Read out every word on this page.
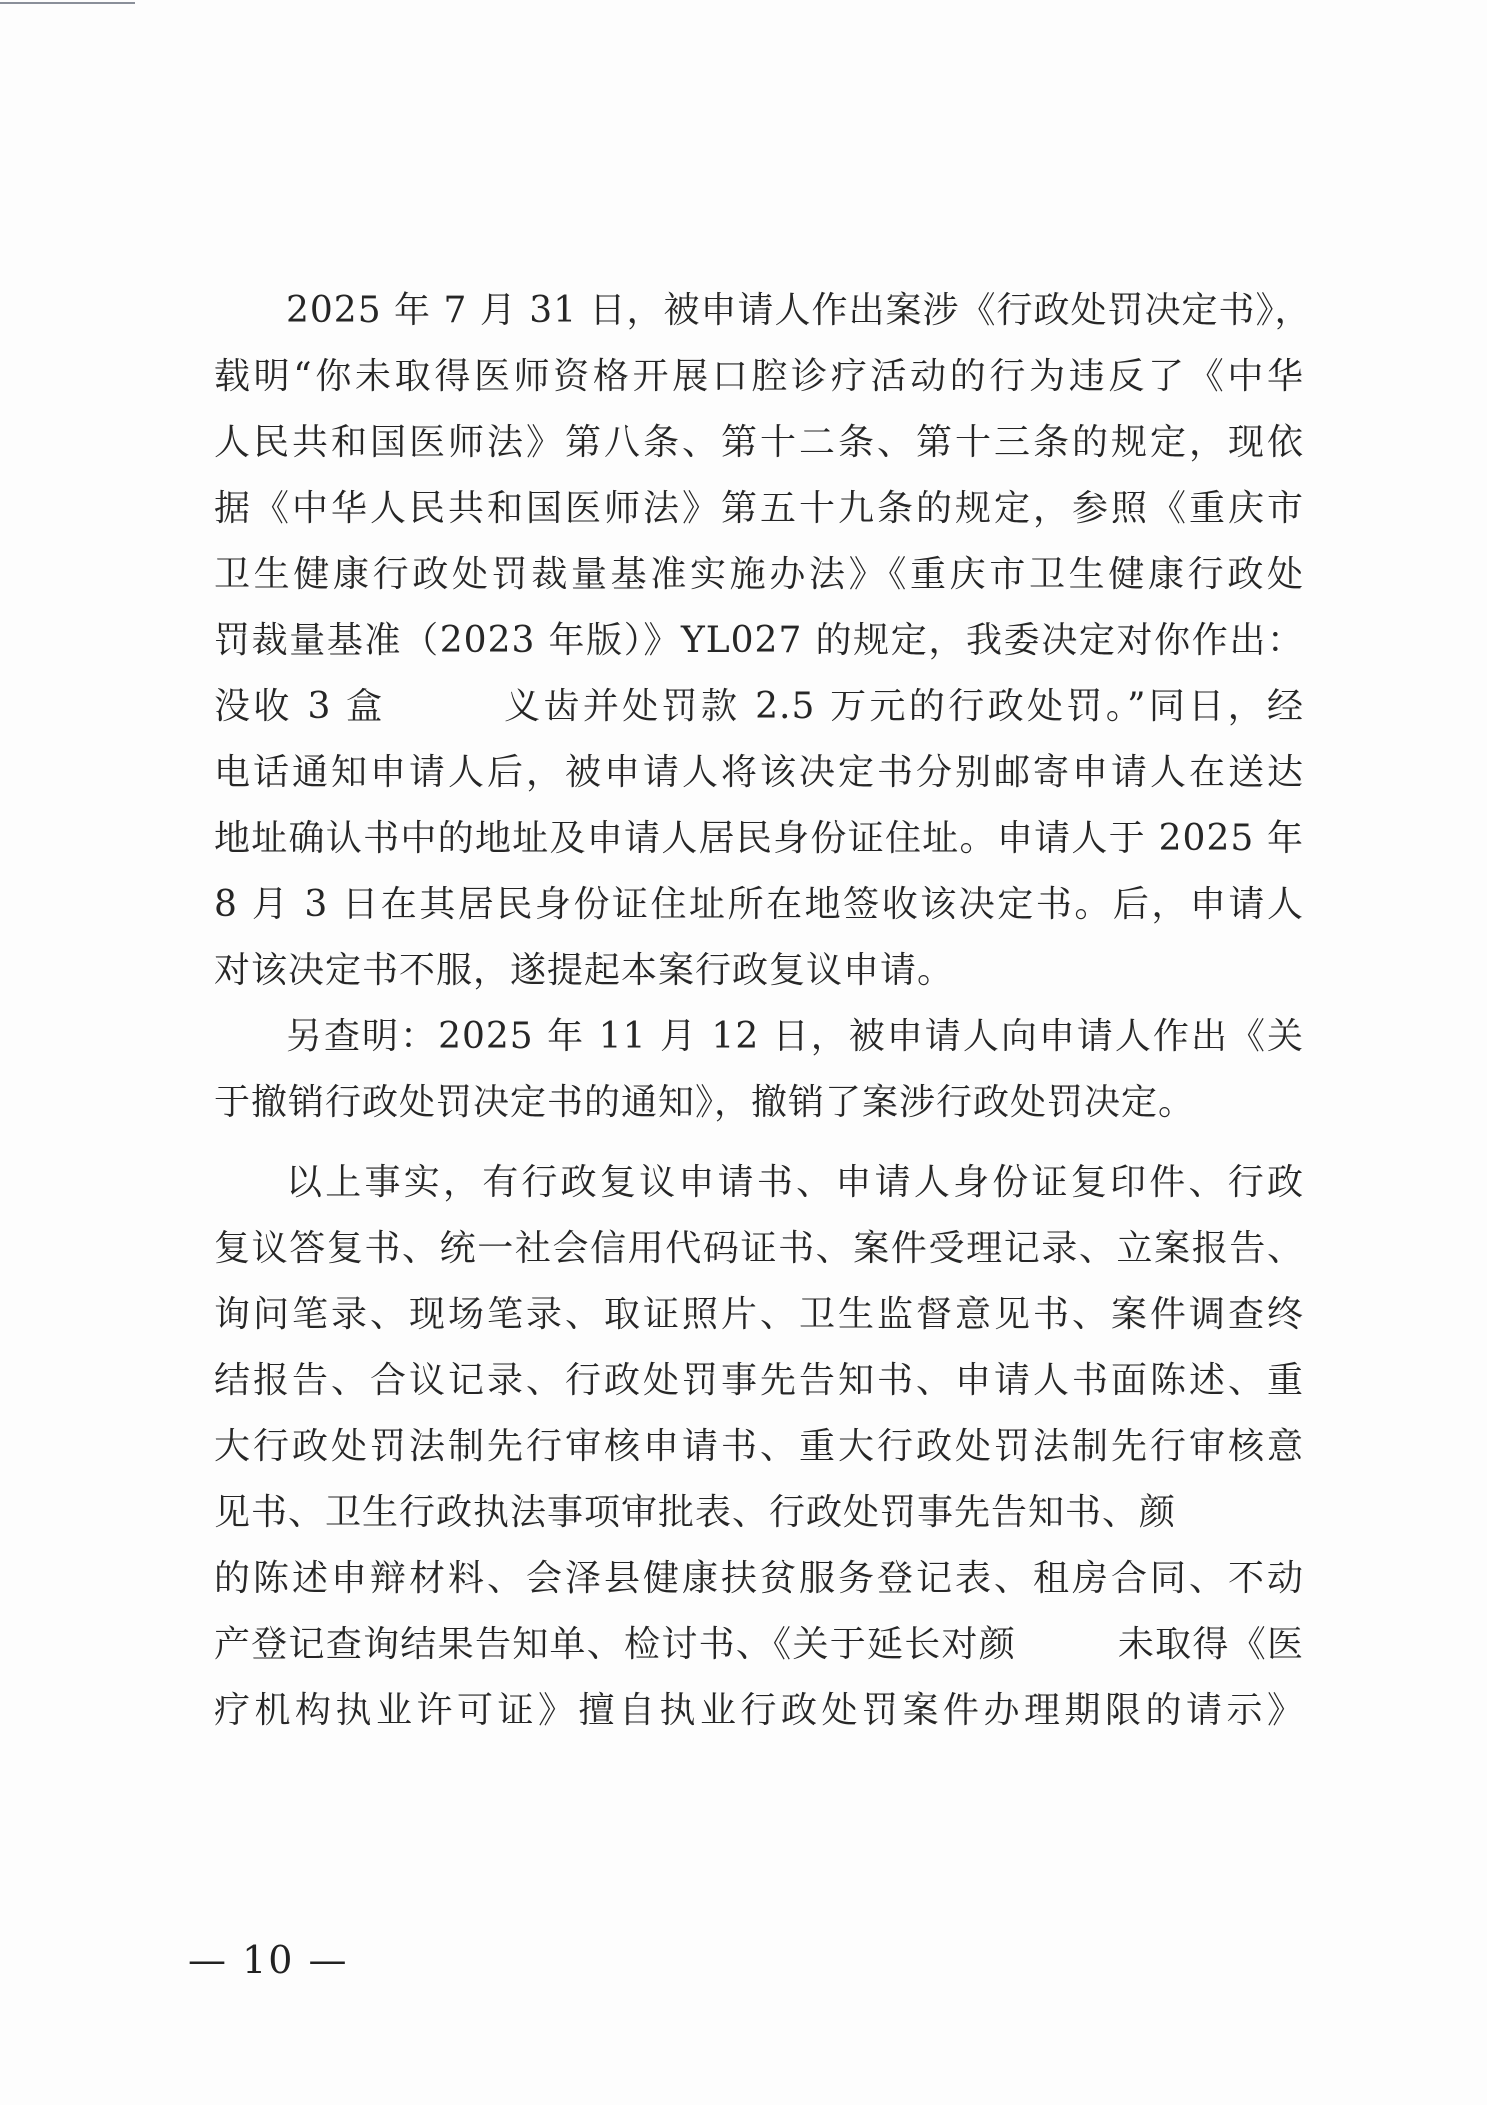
2025 年 7 月 31 日，被申请人作出案涉《行政处罚决定书》，
载明“你未取得医师资格开展口腔诊疗活动的行为违反了《中华
人民共和国医师法》第八条、第十二条、第十三条的规定，现依
据《中华人民共和国医师法》第五十九条的规定，参照《重庆市
卫生健康行政处罚裁量基准实施办法》《重庆市卫生健康行政处
罚裁量基准（2023 年版）》YL027 的规定，我委决定对你作出：
没收 3 盒        义齿并处罚款 2.5 万元的行政处罚。”同日，经
电话通知申请人后，被申请人将该决定书分别邮寄申请人在送达
地址确认书中的地址及申请人居民身份证住址。申请人于 2025 年
8 月 3 日在其居民身份证住址所在地签收该决定书。后，申请人
对该决定书不服，遂提起本案行政复议申请。
另查明：2025 年 11 月 12 日，被申请人向申请人作出《关
于撤销行政处罚决定书的通知》，撤销了案涉行政处罚决定。
以上事实，有行政复议申请书、申请人身份证复印件、行政
复议答复书、统一社会信用代码证书、案件受理记录、立案报告、
询问笔录、现场笔录、取证照片、卫生监督意见书、案件调查终
结报告、合议记录、行政处罚事先告知书、申请人书面陈述、重
大行政处罚法制先行审核申请书、重大行政处罚法制先行审核意
见书、卫生行政执法事项审批表、行政处罚事先告知书、颜
的陈述申辩材料、会泽县健康扶贫服务登记表、租房合同、不动
产登记查询结果告知单、检讨书、《关于延长对颜        未取得《医
疗机构执业许可证》擅自执业行政处罚案件办理期限的请示》
— 10 —
